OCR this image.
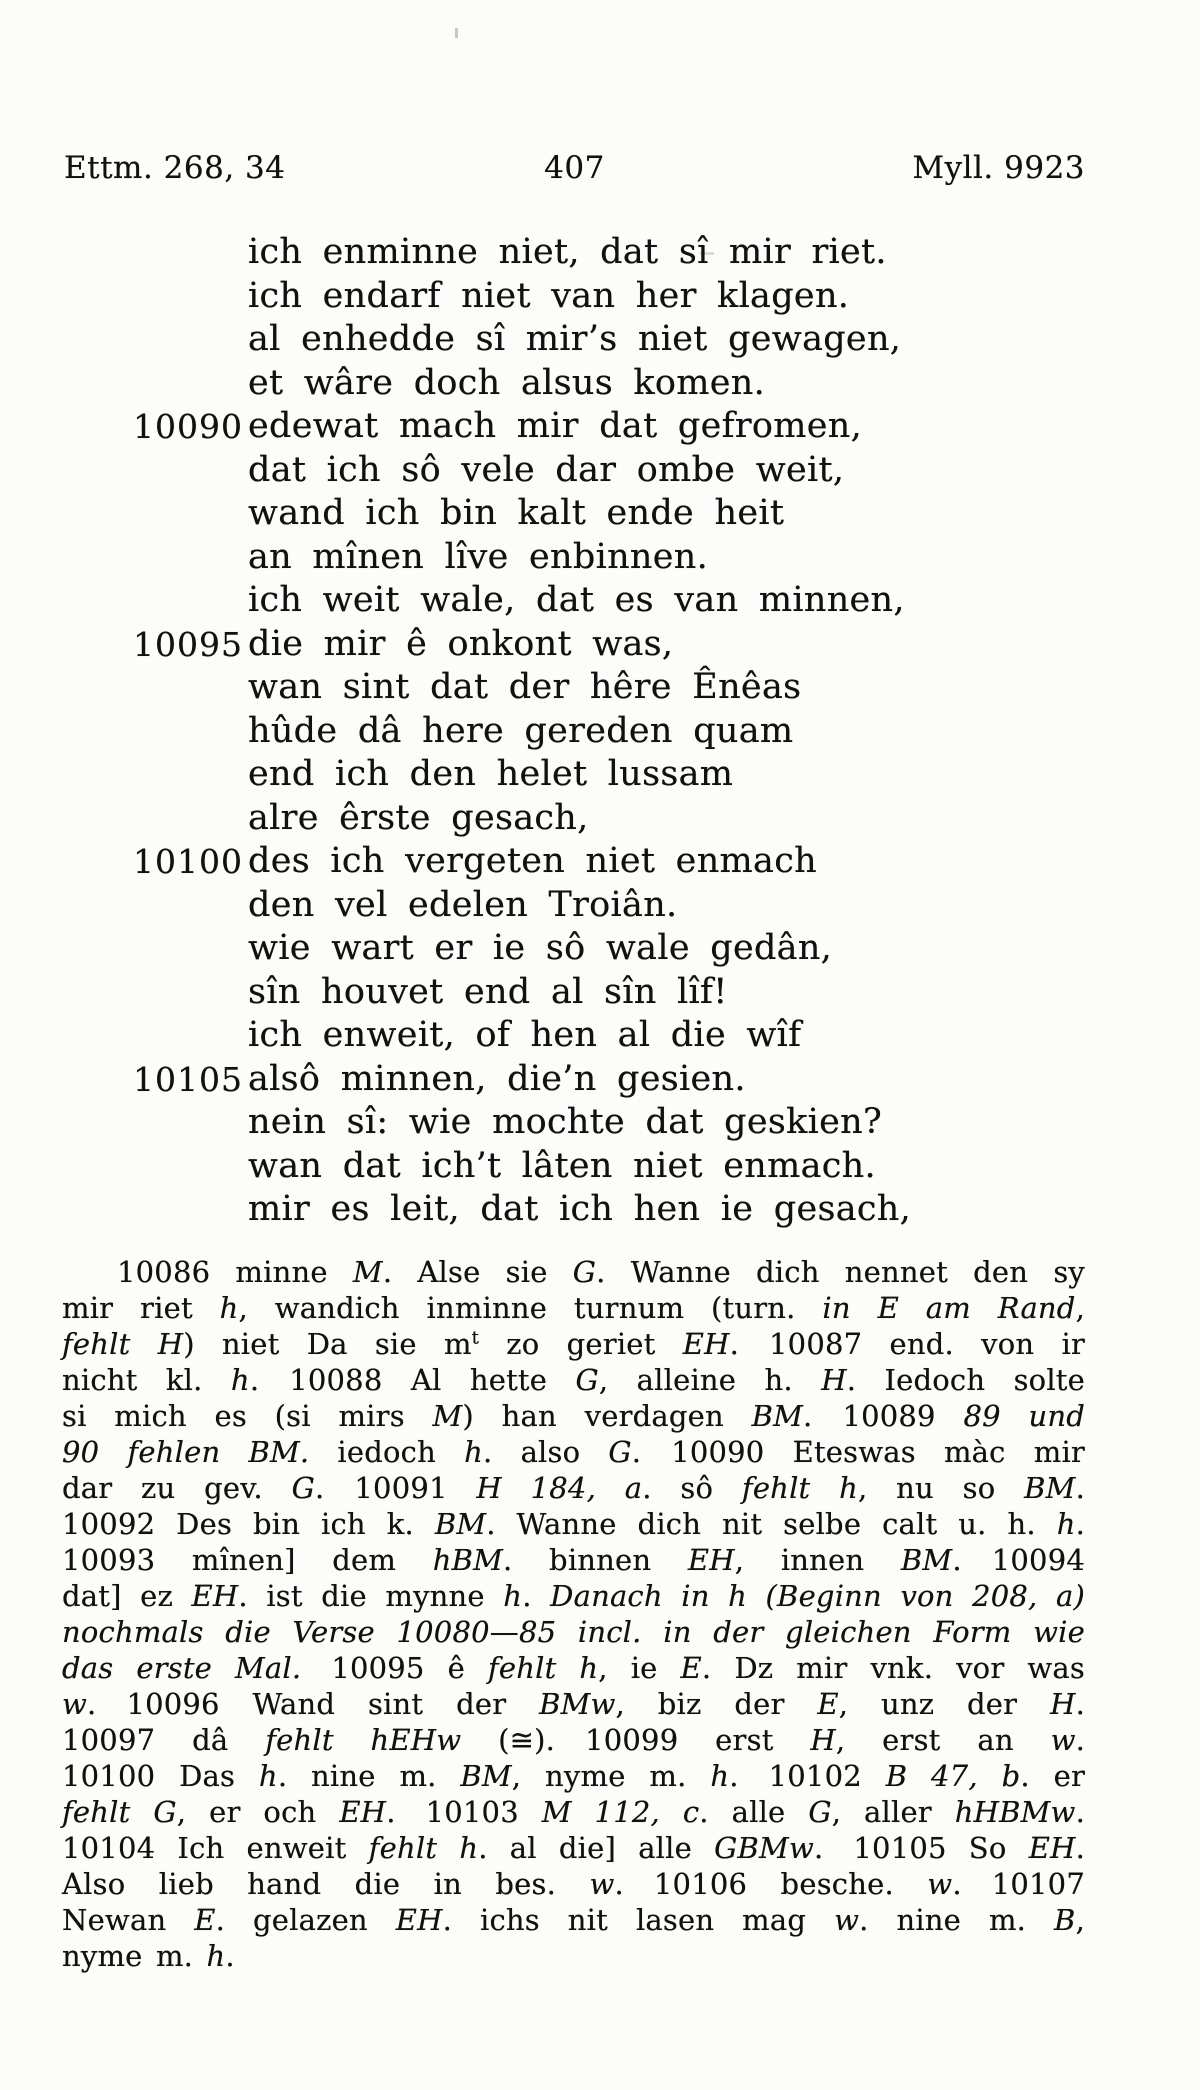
Ettm. 268, 34	407	Myll. 9923
ich enminne niet, dat sî mir riet.
ich endarf niet van her klagen.
al enhedde sî mir’s niet gewagen,
et wâre doch alsus komen.
10090 edewat mach mir dat gefromen,
dat ich sô vele dar ombe weit,
wand ich bin kalt ende heit
an mînen lîve enbinnen.
ich weit wale, dat es van minnen,
10095 die mir ê onkont was,
wan sint dat der hêre Ênêas
hûde dâ here gereden quam
end ich den helet lussam
alre êrste gesach,
10100 des ich vergeten niet enmach
den vel edelen Troiân.
wie wart er ie sô wale gedân,
sîn houvet end al sîn lîf!
ich enweit, of hen al die wîf
10105 alsô minnen, die’n gesien.
nein sî: wie mochte dat geskien?
wan dat ich’t lâten niet enmach.
mir es leit, dat ich hen ie gesach,
10086 minne M. Alse sie G. Wanne dich nennet den sy
mir riet h, wandich inminne turnum (turn. in E am Rand,
fehlt H) niet Da sie $m^t$ zo geriet EH. 10087 end. von ir
nicht kl. h. 10088 Al hette G, alleine h. H. Iedoch solte
si mich es (si mirs M) han verdagen BM. 10089 89 und
90 fehlen BM. iedoch h. also G. 10090 Eteswas màc mir
dar zu gev. G. 10091 H 184, a. sô fehlt h, nu so BM.
10092 Des bin ich k. BM. Wanne dich nit selbe calt u. h. h.
10093 mînen] dem hBM. binnen EH, innen BM. 10094
dat] ez EH. ist die mynne h. Danach in h (Beginn von 208, a)
nochmals die Verse 10080—85 incl. in der gleichen Form wie
das erste Mal. 10095 ê fehlt h, ie E. Dz mir vnk. vor was
w. 10096 Wand sint der BMw, biz der E, unz der H.
10097 dâ fehlt hEHw (≅). 10099 erst H, erst an w.
10100 Das h. nine m. BM, nyme m. h. 10102 B 47, b. er
fehlt G, er och EH. 10103 M 112, c. alle G, aller hHBMw.
10104 Ich enweit fehlt h. al die] alle GBMw. 10105 So EH.
Also lieb hand die in bes. w. 10106 besche. w. 10107
Newan E. gelazen EH. ichs nit lasen mag w. nine m. B,
nyme m. h.
